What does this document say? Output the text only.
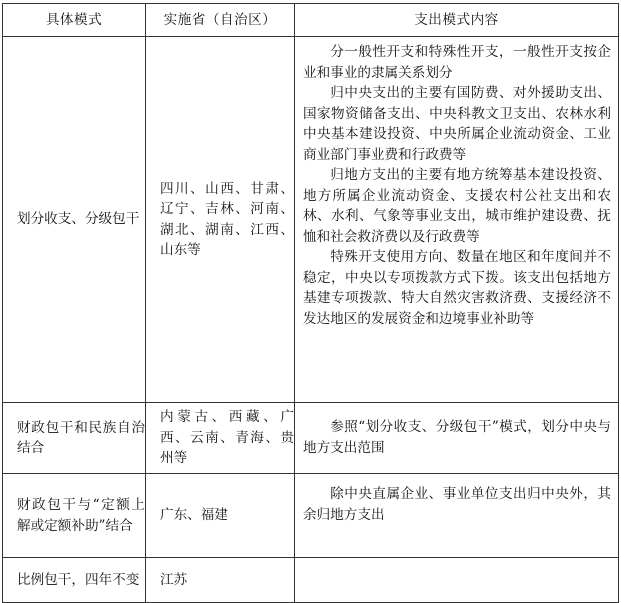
具体模式	实施省（自治区）	支出模式内容

划分收支、分级包干	四川、山西、甘肃、辽宁、吉林、河南、湖北、湖南、江西、山东等	分一般性开支和特殊性开支，一般性开支按企业和事业的隶属关系划分

归中央支出的主要有国防费、对外援助支出、国家物资储备支出、中央科教文卫支出、农林水利中央基本建设投资、中央所属企业流动资金、工业商业部门事业费和行政费等

归地方支出的主要有地方统筹基本建设投资、地方所属企业流动资金、支援农村公社支出和农林、水利、气象等事业支出，城市维护建设费、抚恤和社会救济费以及行政费等

特殊开支使用方向、数量在地区和年度间并不稳定，中央以专项拨款方式下拨。该支出包括地方基建专项拨款、特大自然灾害救济费、支援经济不发达地区的发展资金和边境事业补助等

财政包干和民族自治结合	内蒙古、西藏、广西、云南、青海、贵州等	参照“划分收支、分级包干”模式，划分中央与地方支出范围

财政包干与“定额上解或定额补助”结合	广东、福建	除中央直属企业、事业单位支出归中央外，其余归地方支出

比例包干，四年不变	江苏	
